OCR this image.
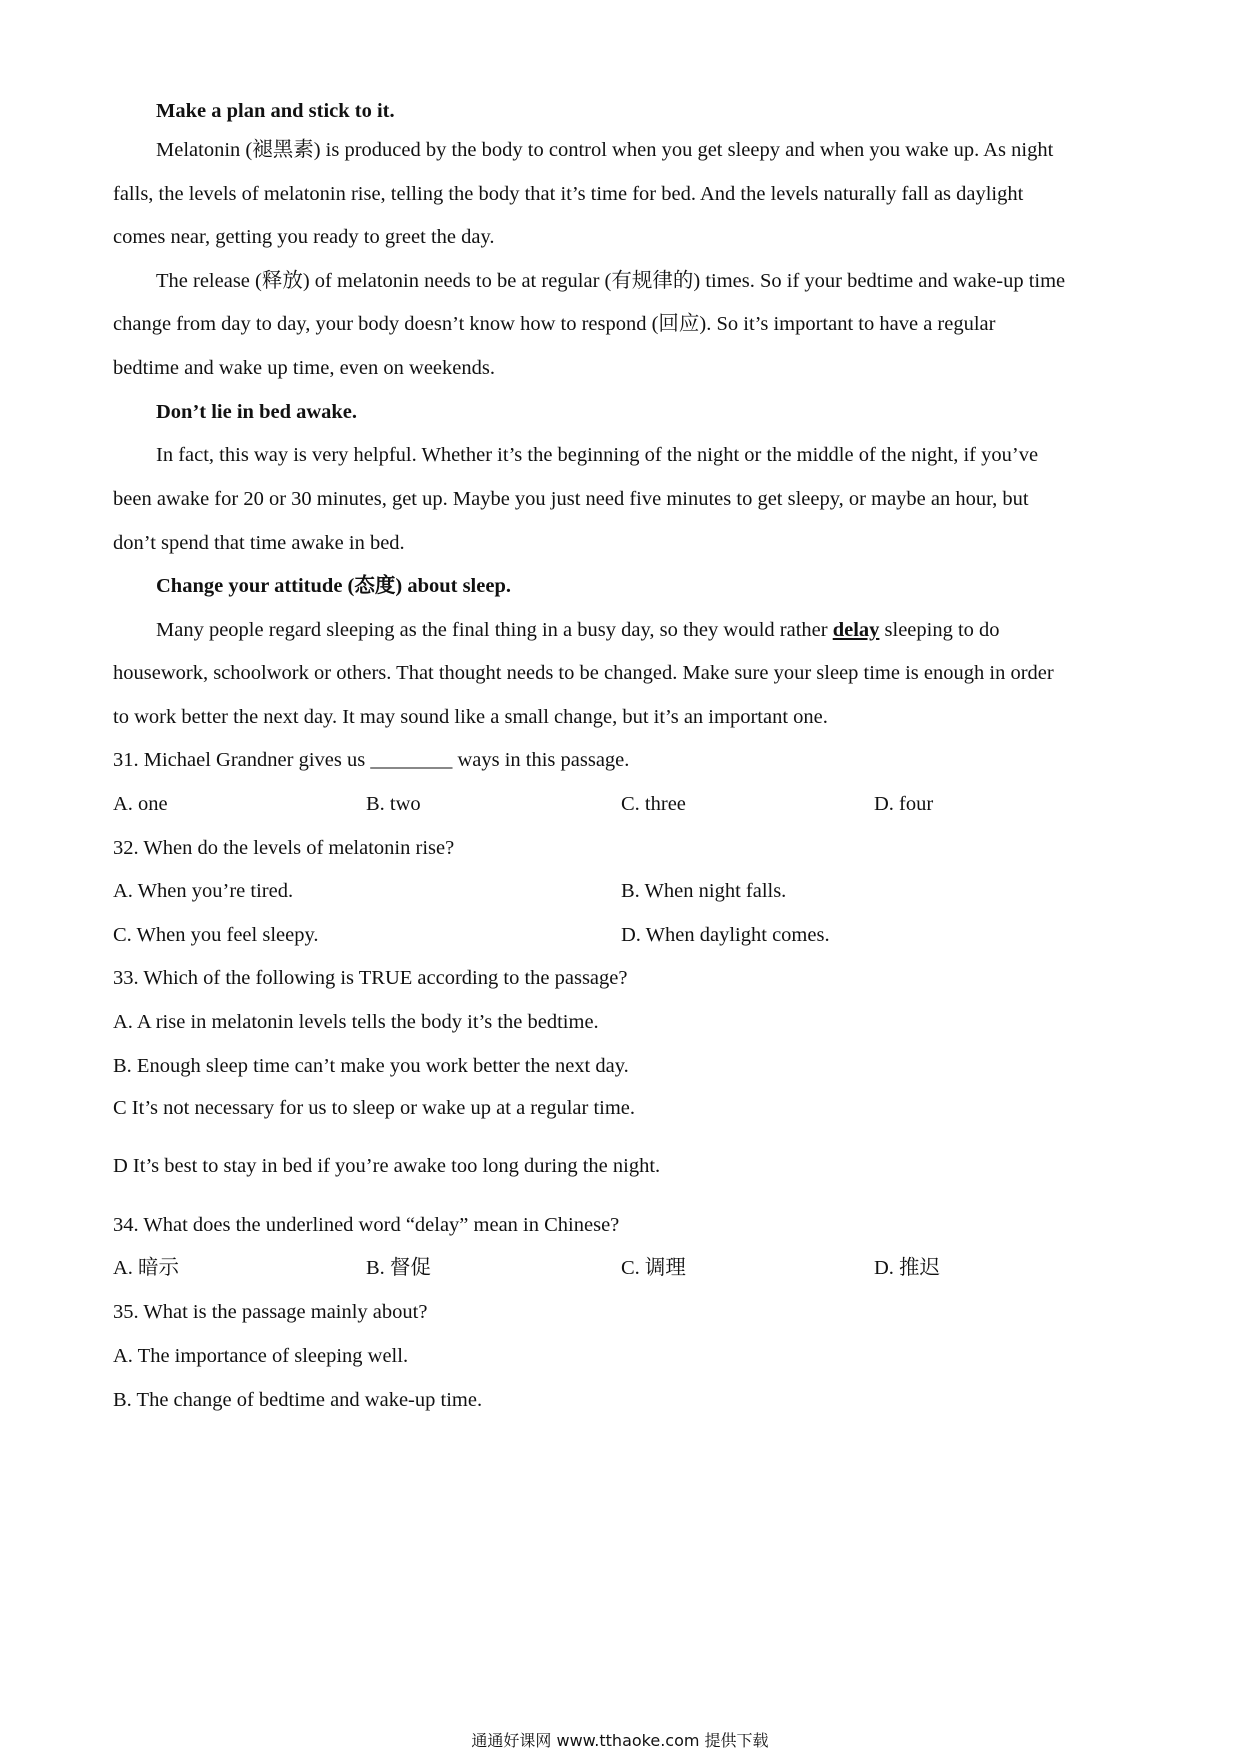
Make a plan and stick to it.
Melatonin (褪黑素) is produced by the body to control when you get sleepy and when you wake up. As night
falls, the levels of melatonin rise, telling the body that it’s time for bed. And the levels naturally fall as daylight
comes near, getting you ready to greet the day.
The release (释放) of melatonin needs to be at regular (有规律的) times. So if your bedtime and wake-up time
change from day to day, your body doesn’t know how to respond (回应). So it’s important to have a regular
bedtime and wake up time, even on weekends.
Don’t lie in bed awake.
In fact, this way is very helpful. Whether it’s the beginning of the night or the middle of the night, if you’ve
been awake for 20 or 30 minutes, get up. Maybe you just need five minutes to get sleepy, or maybe an hour, but
don’t spend that time awake in bed.
Change your attitude (态度) about sleep.
Many people regard sleeping as the final thing in a busy day, so they would rather delay sleeping to do
housework, schoolwork or others. That thought needs to be changed. Make sure your sleep time is enough in order
to work better the next day. It may sound like a small change, but it’s an important one.
31. Michael Grandner gives us ________ ways in this passage.
A. one	B. two	C. three	D. four
32. When do the levels of melatonin rise?
A. When you’re tired.	B. When night falls.
C. When you feel sleepy.	D. When daylight comes.
33. Which of the following is TRUE according to the passage?
A. A rise in melatonin levels tells the body it’s the bedtime.
B. Enough sleep time can’t make you work better the next day.
C It’s not necessary for us to sleep or wake up at a regular time.
D It’s best to stay in bed if you’re awake too long during the night.
34. What does the underlined word “delay” mean in Chinese?
A. 暗示	B. 督促	C. 调理	D. 推迟
35. What is the passage mainly about?
A. The importance of sleeping well.
B. The change of bedtime and wake-up time.
通通好课网 www.tthaoke.com 提供下载
